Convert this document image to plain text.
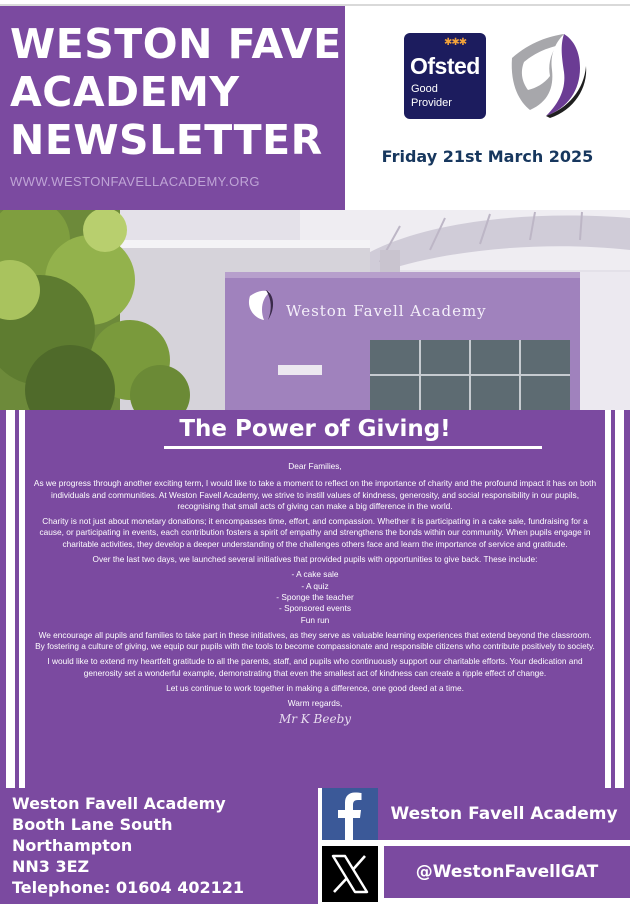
WESTON FAVELL
ACADEMY
NEWSLETTER
WWW.WESTONFAVELLACADEMY.ORG
✱✱✱
Ofsted
Good
Provider
Friday 21st March 2025
Weston Favell Academy
The Power of Giving!

Dear Families,

As we progress through another exciting term, I would like to take a moment to reflect on the importance of charity and the profound impact it has on both individuals and communities. At Weston Favell Academy, we strive to instill values of kindness, generosity, and social responsibility in our pupils, recognising that small acts of giving can make a big difference in the world.

Charity is not just about monetary donations; it encompasses time, effort, and compassion. Whether it is participating in a cake sale, fundraising for a cause, or participating in events, each contribution fosters a spirit of empathy and strengthens the bonds within our community. When pupils engage in charitable activities, they develop a deeper understanding of the challenges others face and learn the importance of service and gratitude.

Over the last two days, we launched several initiatives that provided pupils with opportunities to give back. These include:

- A cake sale
- A quiz
- Sponge the teacher
- Sponsored events
Fun run

We encourage all pupils and families to take part in these initiatives, as they serve as valuable learning experiences that extend beyond the classroom. By fostering a culture of giving, we equip our pupils with the tools to become compassionate and responsible citizens who contribute positively to society.

I would like to extend my heartfelt gratitude to all the parents, staff, and pupils who continuously support our charitable efforts. Your dedication and generosity set a wonderful example, demonstrating that even the smallest act of kindness can create a ripple effect of change.

Let us continue to work together in making a difference, one good deed at a time.

Warm regards,

Mr K Beeby
Weston Favell Academy
Booth Lane South
Northampton
NN3 3EZ
Telephone: 01604 402121
Weston Favell Academy
@WestonFavellGAT
